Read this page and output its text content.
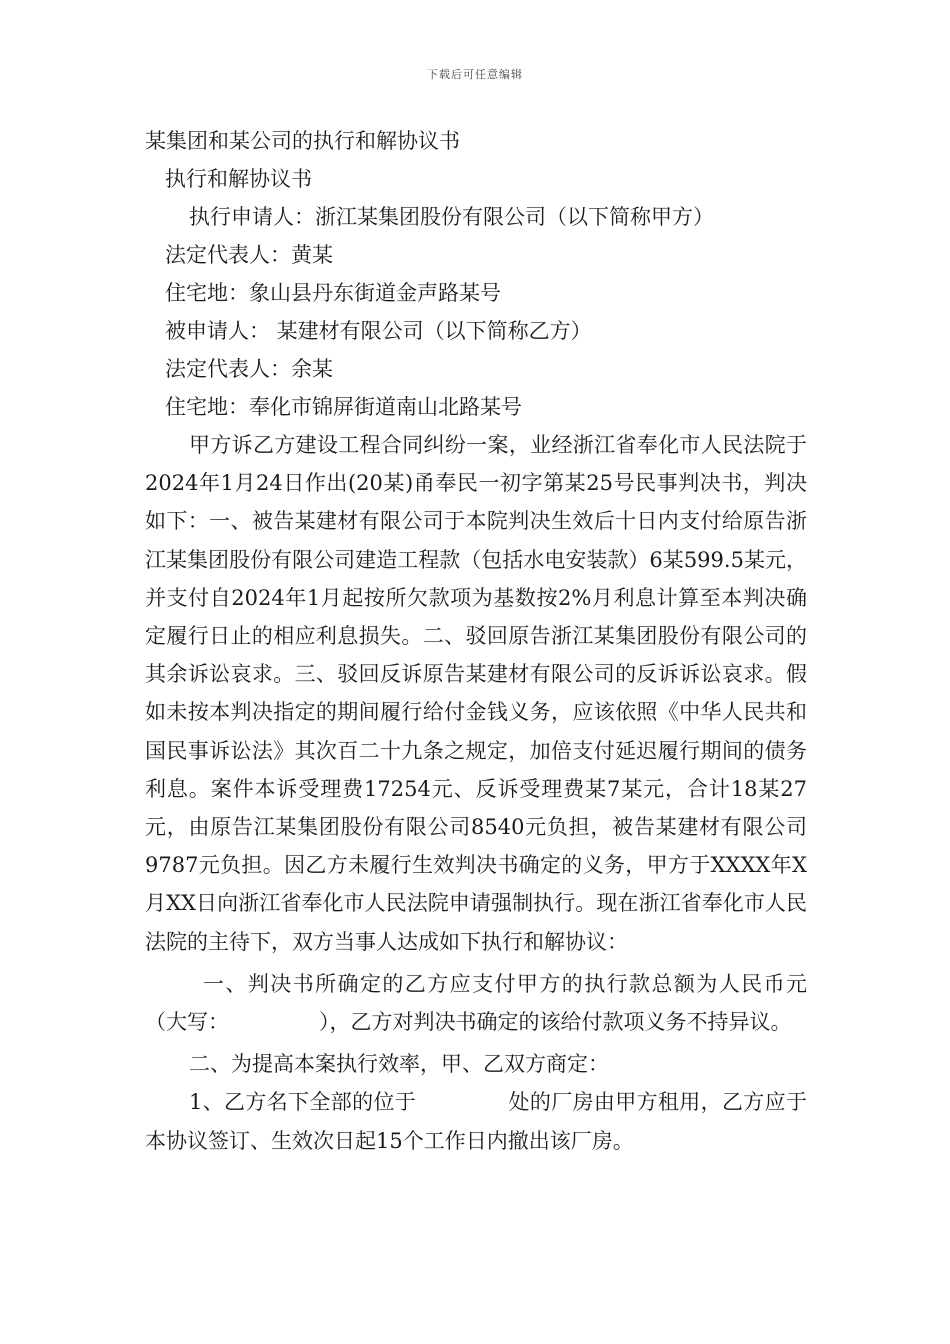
下载后可任意编辑
某集团和某公司的执行和解协议书
执行和解协议书
执行申请人：浙江某集团股份有限公司（以下简称甲方）
法定代表人：黄某
住宅地：象山县丹东街道金声路某号
被申请人： 某建材有限公司（以下简称乙方）
法定代表人：余某
住宅地：奉化市锦屏街道南山北路某号
甲方诉乙方建设工程合同纠纷一案，业经浙江省奉化市人民法院于2024年1月24日作出(20某)甬奉民一初字第某25号民事判决书，判决如下：一、被告某建材有限公司于本院判决生效后十日内支付给原告浙江某集团股份有限公司建造工程款（包括水电安装款）6某599.5某元，并支付自2024年1月起按所欠款项为基数按2%月利息计算至本判决确定履行日止的相应利息损失。二、驳回原告浙江某集团股份有限公司的其余诉讼哀求。三、驳回反诉原告某建材有限公司的反诉诉讼哀求。假如未按本判决指定的期间履行给付金钱义务，应该依照《中华人民共和国民事诉讼法》其次百二十九条之规定，加倍支付延迟履行期间的债务利息。案件本诉受理费17254元、反诉受理费某7某元，合计18某27元，由原告江某集团股份有限公司8540元负担，被告某建材有限公司9787元负担。因乙方未履行生效判决书确定的义务，甲方于XXXX年X月XX日向浙江省奉化市人民法院申请强制执行。现在浙江省奉化市人民法院的主待下，双方当事人达成如下执行和解协议：
一、判决书所确定的乙方应支付甲方的执行款总额为人民币元（大写：	），乙方对判决书确定的该给付款项义务不持异议。
二、为提高本案执行效率，甲、乙双方商定：
1、乙方名下全部的位于	处的厂房由甲方租用，乙方应于本协议签订、生效次日起15个工作日内撤出该厂房。
